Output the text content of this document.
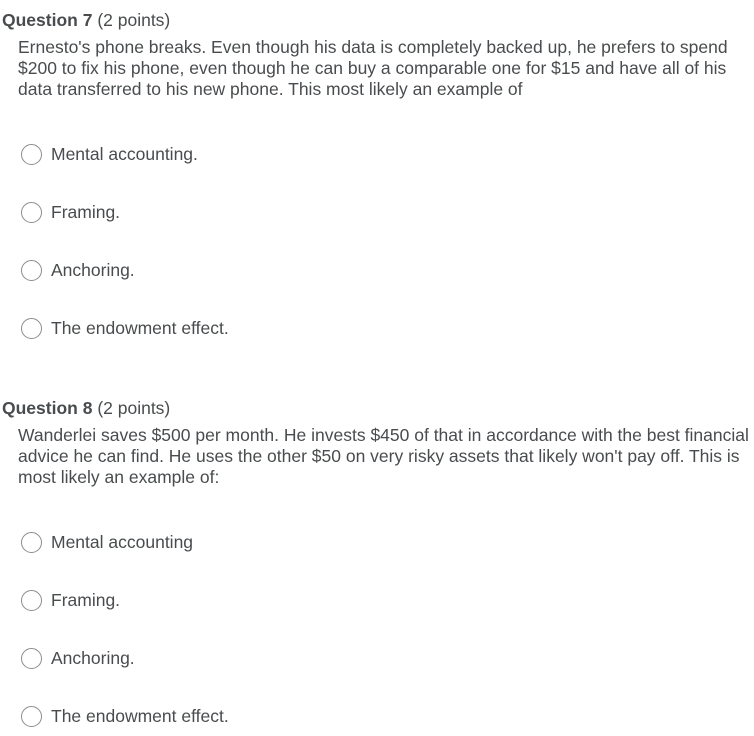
Question 7 (2 points)
Ernesto's phone breaks. Even though his data is completely backed up, he prefers to spend $200 to fix his phone, even though he can buy a comparable one for $15 and have all of his data transferred to his new phone. This most likely an example of
Mental accounting.
Framing.
Anchoring.
The endowment effect.
Question 8 (2 points)
Wanderlei saves $500 per month. He invests $450 of that in accordance with the best financial advice he can find. He uses the other $50 on very risky assets that likely won't pay off. This is most likely an example of:
Mental accounting
Framing.
Anchoring.
The endowment effect.
